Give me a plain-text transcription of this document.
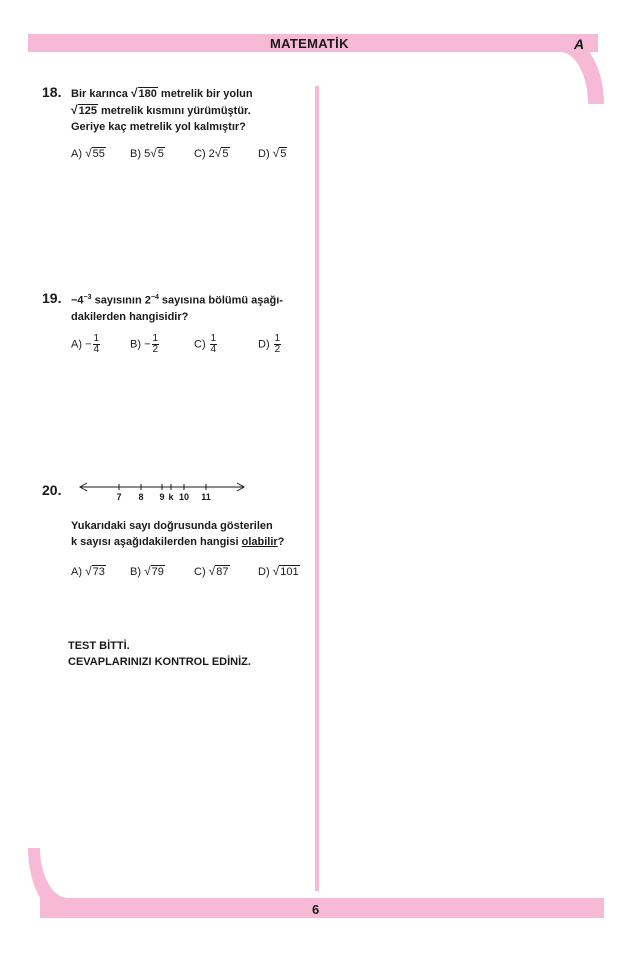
MATEMATİK	A
6
18. Bir karınca √180 metrelik bir yolun
√125 metrelik kısmını yürümüştür.
Geriye kaç metrelik yol kalmıştır?
A) √55 B) 5√5	C) 2√5	D) √5
19. $-4^{-3}$ sayısının $2^{-4}$ sayısına bölümü aşağı-
dakilerden hangisidir?
$A) - \frac{1}{4}$	$B) - \frac{1}{2}$	$C) \frac{1}{4}$	$D) \frac{1}{2}$
20.	7 8 9 k 10 11
Yukarıdaki sayı doğrusunda gösterilen
k sayısı aşağıdakilerden hangisi olabilir?
A) √73 B) √79	C) √87	D) √101
TEST BİTTİ.
CEVAPLARINIZI KONTROL EDİNİZ.
